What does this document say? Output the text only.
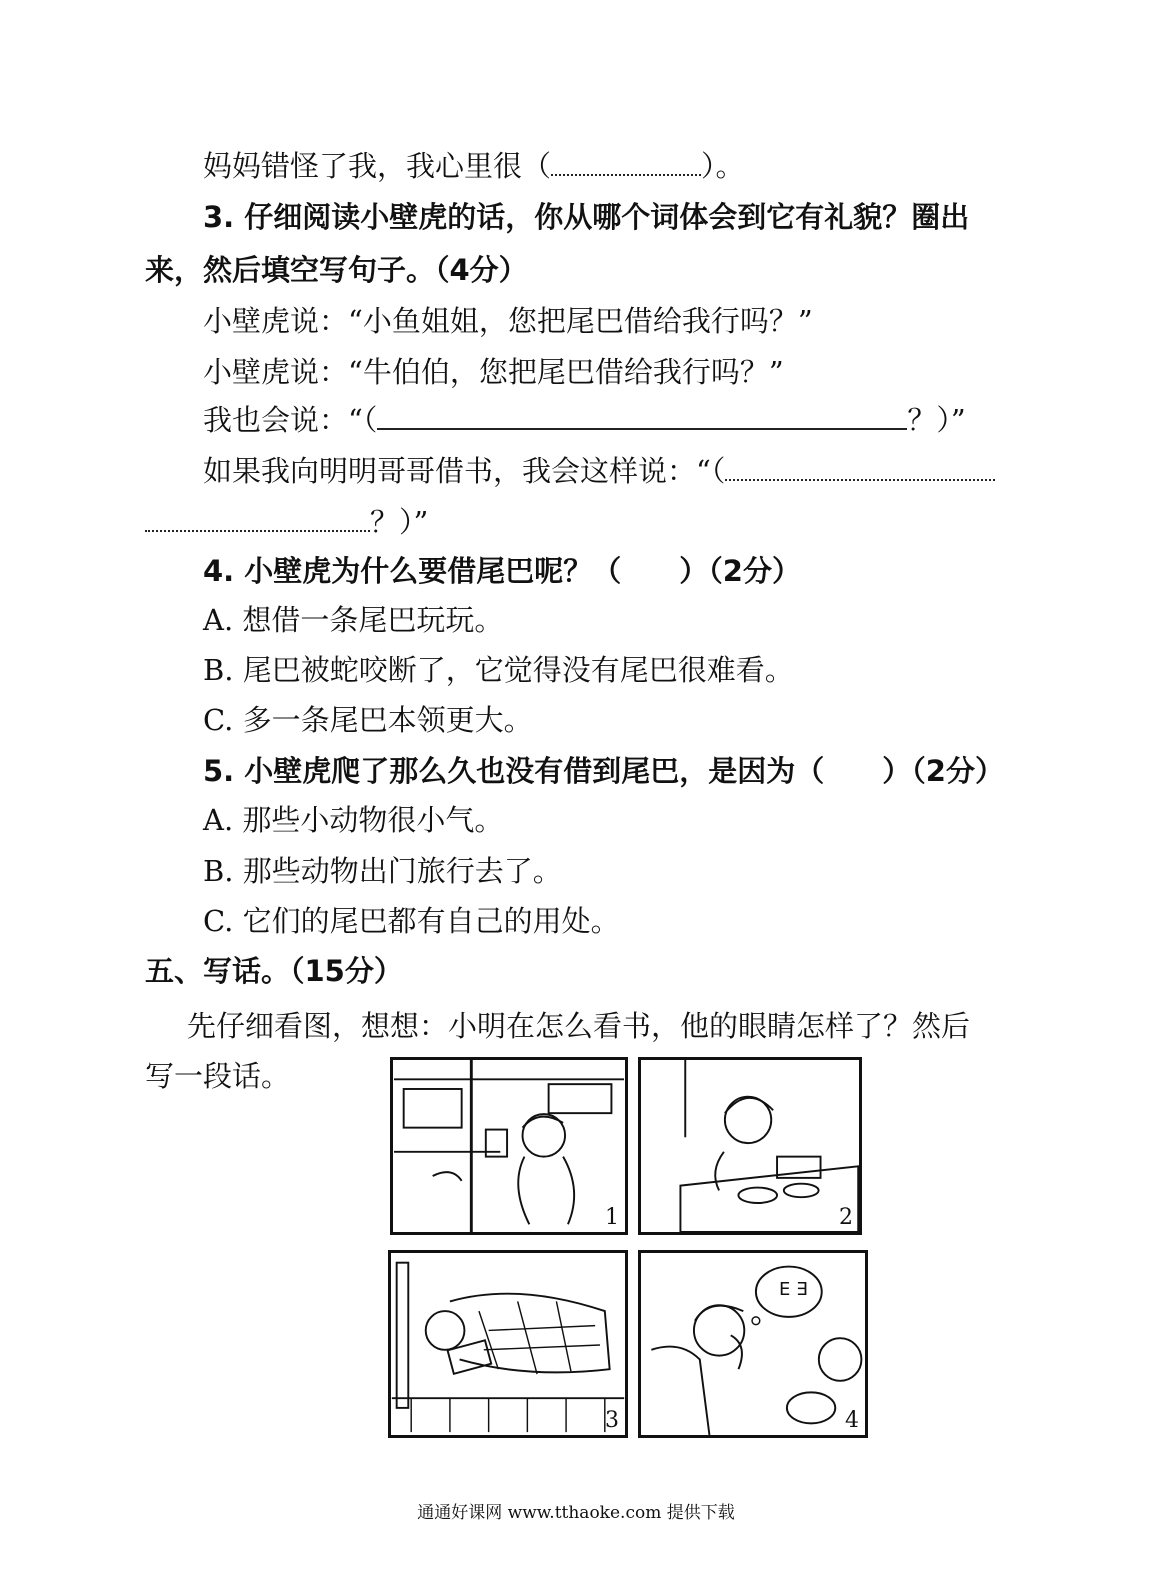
妈妈错怪了我，我心里很（	）。
3. 仔细阅读小壁虎的话，你从哪个词体会到它有礼貌？圈出
来，然后填空写句子。（4分）
小壁虎说：“小鱼姐姐，您把尾巴借给我行吗？”
小壁虎说：“牛伯伯，您把尾巴借给我行吗？”
我也会说：“（	？）”
如果我向明明哥哥借书，我会这样说：“（
？）”
4. 小壁虎为什么要借尾巴呢？（　　）（2分）
A. 想借一条尾巴玩玩。
B. 尾巴被蛇咬断了，它觉得没有尾巴很难看。
C. 多一条尾巴本领更大。
5. 小壁虎爬了那么久也没有借到尾巴，是因为（　　）（2分）
A. 那些小动物很小气。
B. 那些动物出门旅行去了。
C. 它们的尾巴都有自己的用处。
五、写话。（15分）
先仔细看图，想想：小明在怎么看书，他的眼睛怎样了？然后
写一段话。
1	2
3
E ∃
4
通通好课网 www.tthaoke.com 提供下载
